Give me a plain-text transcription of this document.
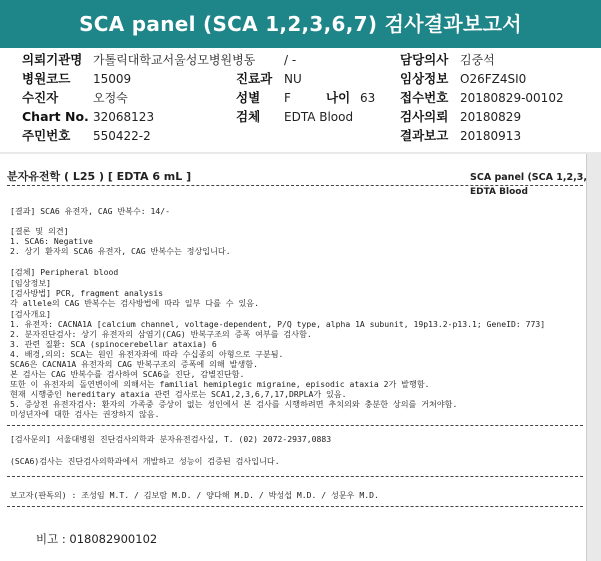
SCA panel (SCA 1,2,3,6,7) 검사결과보고서
의뢰기관명 가톨릭대학교서울성모병원병동 / -	담당의사 김중석
병원코드 15009	진료과 NU	임상정보 O26FZ4SI0
수진자	오정숙	성별 F	나이 63 접수번호 20180829-00102
Chart No. 32068123	검체 EDTA Blood	검사의뢰 20180829
주민번호 550422-2	결과보고 20180913
분자유전학 ( L25 ) [ EDTA 6 mL ]	SCA panel (SCA 1,2,3,
EDTA Blood
[결과] SCA6 유전자, CAG 반복수: 14/-
[결론 및 의견]
1. SCA6: Negative
2. 상기 환자의 SCA6 유전자, CAG 반복수는 정상입니다.
[검체] Peripheral blood
[임상정보]
[검사방법] PCR, fragment analysis
각 allele의 CAG 반복수는 검사방법에 따라 일부 다를 수 있음.
[검사개요]
1. 유전자: CACNA1A [calcium channel, voltage-dependent, P/Q type, alpha 1A subunit, 19p13.2-p13.1; GeneID: 773]
2. 분자진단검사: 상기 유전자의 삼염기(CAG) 반복구조의 증폭 여부를 검사함.
3. 관련 질환: SCA (spinocerebellar ataxia) 6
4. 배경,의의: SCA는 원인 유전자좌에 따라 수십종의 아형으로 구분됨.
SCA6은 CACNA1A 유전자의 CAG 반복구조의 증폭에 의해 발생함.
본 검사는 CAG 반복수를 검사하여 SCA6을 진단, 감별진단함.
또한 이 유전자의 돌연변이에 의해서는 familial hemiplegic migraine, episodic ataxia 2가 발행함.
현재 시행중인 hereditary ataxia 관련 검사로는 SCA1,2,3,6,7,17,DRPLA가 있음.
5. 증상전 유전자검사: 환자의 가족중 증상이 없는 성인에서 본 검사를 시행하려면 추치의와 충분한 상의를 거쳐야함.
미성년자에 대한 검사는 권장하지 않음.
[검사문의] 서울대병원 진단검사의학과 분자유전검사실, T. (02) 2072-2937,0883
(SCA6)검사는 진단검사의학과에서 개발하고 성능이 검증된 검사입니다.
보고자(판독의) : 조성임 M.T. / 김보람 M.D. / 양다해 M.D. / 박성섭 M.D. / 성문우 M.D.
비고 : 018082900102
